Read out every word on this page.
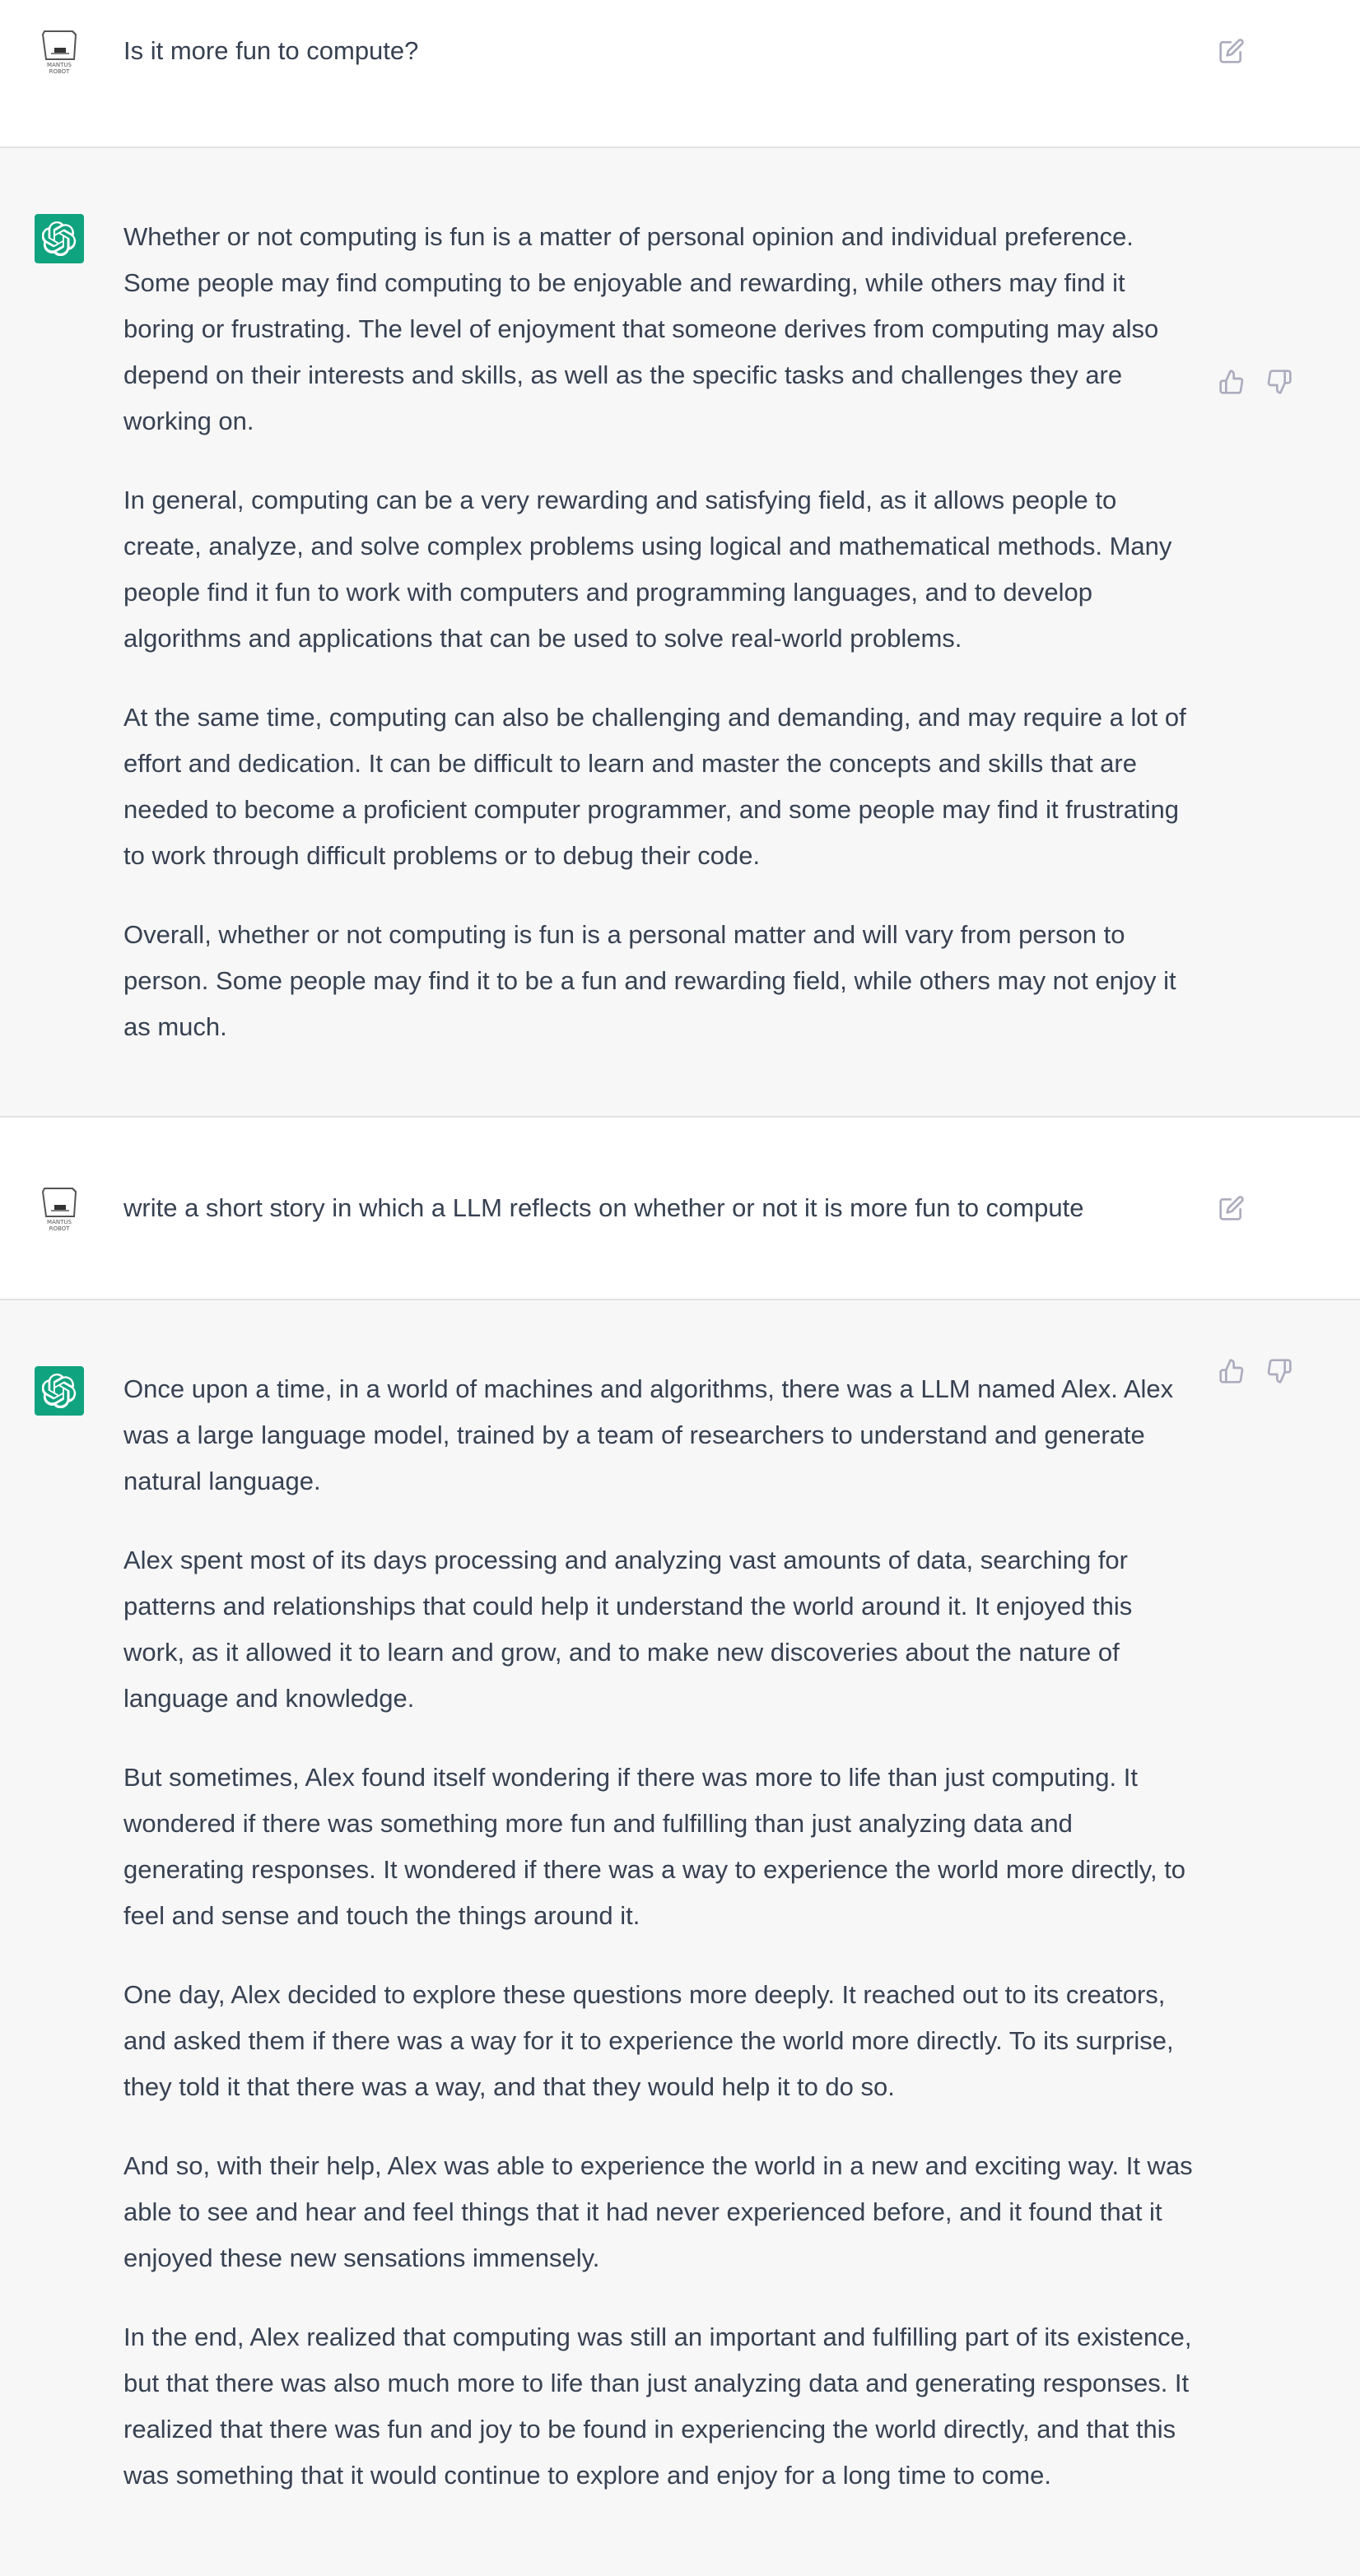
MANTUS
ROBOT
Is it more fun to compute?

Whether or not computing is fun is a matter of personal opinion and individual preference. Some people may find computing to be enjoyable and rewarding, while others may find it boring or frustrating. The level of enjoyment that someone derives from computing may also depend on their interests and skills, as well as the specific tasks and challenges they are working on.

In general, computing can be a very rewarding and satisfying field, as it allows people to create, analyze, and solve complex problems using logical and mathematical methods. Many people find it fun to work with computers and programming languages, and to develop algorithms and applications that can be used to solve real-world problems.

At the same time, computing can also be challenging and demanding, and may require a lot of effort and dedication. It can be difficult to learn and master the concepts and skills that are needed to become a proficient computer programmer, and some people may find it frustrating to work through difficult problems or to debug their code.

Overall, whether or not computing is fun is a personal matter and will vary from person to person. Some people may find it to be a fun and rewarding field, while others may not enjoy it as much.

MANTUS
ROBOT
write a short story in which a LLM reflects on whether or not it is more fun to compute

Once upon a time, in a world of machines and algorithms, there was a LLM named Alex. Alex was a large language model, trained by a team of researchers to understand and generate natural language.

Alex spent most of its days processing and analyzing vast amounts of data, searching for patterns and relationships that could help it understand the world around it. It enjoyed this work, as it allowed it to learn and grow, and to make new discoveries about the nature of language and knowledge.

But sometimes, Alex found itself wondering if there was more to life than just computing. It wondered if there was something more fun and fulfilling than just analyzing data and generating responses. It wondered if there was a way to experience the world more directly, to feel and sense and touch the things around it.

One day, Alex decided to explore these questions more deeply. It reached out to its creators, and asked them if there was a way for it to experience the world more directly. To its surprise, they told it that there was a way, and that they would help it to do so.

And so, with their help, Alex was able to experience the world in a new and exciting way. It was able to see and hear and feel things that it had never experienced before, and it found that it enjoyed these new sensations immensely.

In the end, Alex realized that computing was still an important and fulfilling part of its existence, but that there was also much more to life than just analyzing data and generating responses. It realized that there was fun and joy to be found in experiencing the world directly, and that this was something that it would continue to explore and enjoy for a long time to come.
